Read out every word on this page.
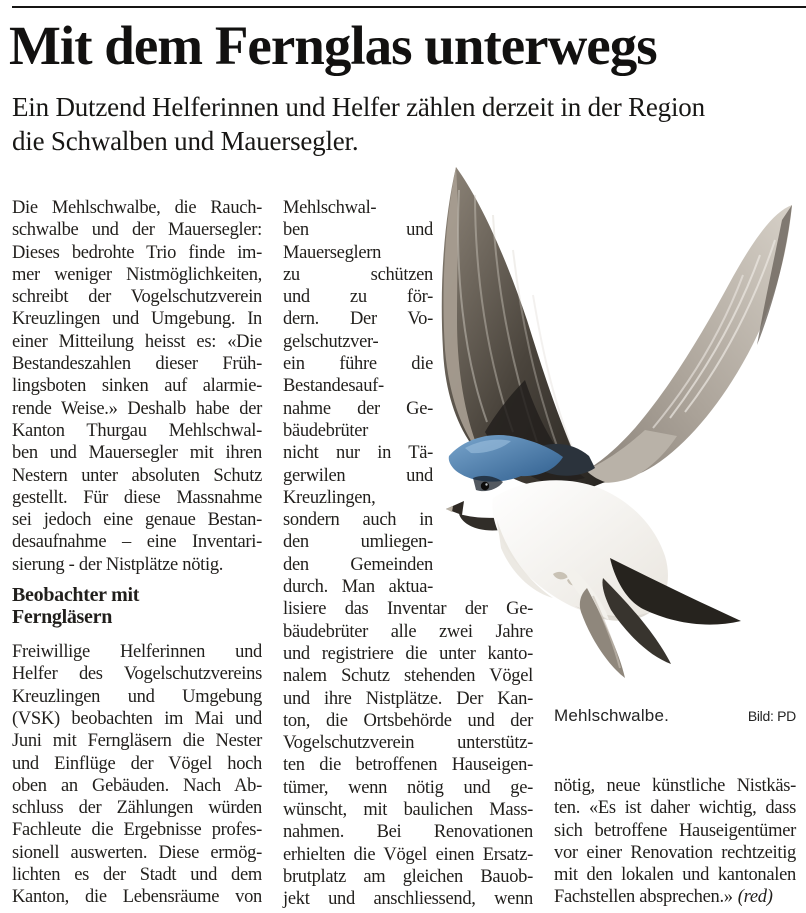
Mit dem Fernglas unterwegs
Ein Dutzend Helferinnen und Helfer zählen derzeit in der Region
die Schwalben und Mauersegler.
Die Mehlschwalbe, die Rauch-
schwalbe und der Mauersegler:
Dieses bedrohte Trio finde im-
mer weniger Nistmöglichkeiten,
schreibt der Vogelschutzverein
Kreuzlingen und Umgebung. In
einer Mitteilung heisst es: «Die
Bestandeszahlen dieser Früh-
lingsboten sinken auf alarmie-
rende Weise.» Deshalb habe der
Kanton Thurgau Mehlschwal-
ben und Mauersegler mit ihren
Nestern unter absoluten Schutz
gestellt. Für diese Massnahme
sei jedoch eine genaue Bestan-
desaufnahme – eine Inventari-
sierung - der Nistplätze nötig.
Beobachter mit
Ferngläsern
Freiwillige Helferinnen und
Helfer des Vogelschutzvereins
Kreuzlingen und Umgebung
(VSK) beobachten im Mai und
Juni mit Ferngläsern die Nester
und Einflüge der Vögel hoch
oben an Gebäuden. Nach Ab-
schluss der Zählungen würden
Fachleute die Ergebnisse profes-
sionell auswerten. Diese ermög-
lichten es der Stadt und dem
Kanton, die Lebensräume von
Mehlschwal-
ben und
Mauerseglern
zu schützen
und zu för-
dern. Der Vo-
gelschutzver-
ein führe die
Bestandesauf-
nahme der Ge-
bäudebrüter
nicht nur in Tä-
gerwilen und
Kreuzlingen,
sondern auch in
den umliegen-
den Gemeinden
durch. Man aktua-
lisiere das Inventar der Ge-
bäudebrüter alle zwei Jahre
und registriere die unter kanto-
nalem Schutz stehenden Vögel
und ihre Nistplätze. Der Kan-
ton, die Ortsbehörde und der
Vogelschutzverein unterstütz-
ten die betroffenen Hauseigen-
tümer, wenn nötig und ge-
wünscht, mit baulichen Mass-
nahmen. Bei Renovationen
erhielten die Vögel einen Ersatz-
brutplatz am gleichen Bauob-
jekt und anschliessend, wenn
Mehlschwalbe.	Bild: PD
nötig, neue künstliche Nistkäs-
ten. «Es ist daher wichtig, dass
sich betroffene Hauseigentümer
vor einer Renovation rechtzeitig
mit den lokalen und kantonalen
Fachstellen absprechen.» (red)
